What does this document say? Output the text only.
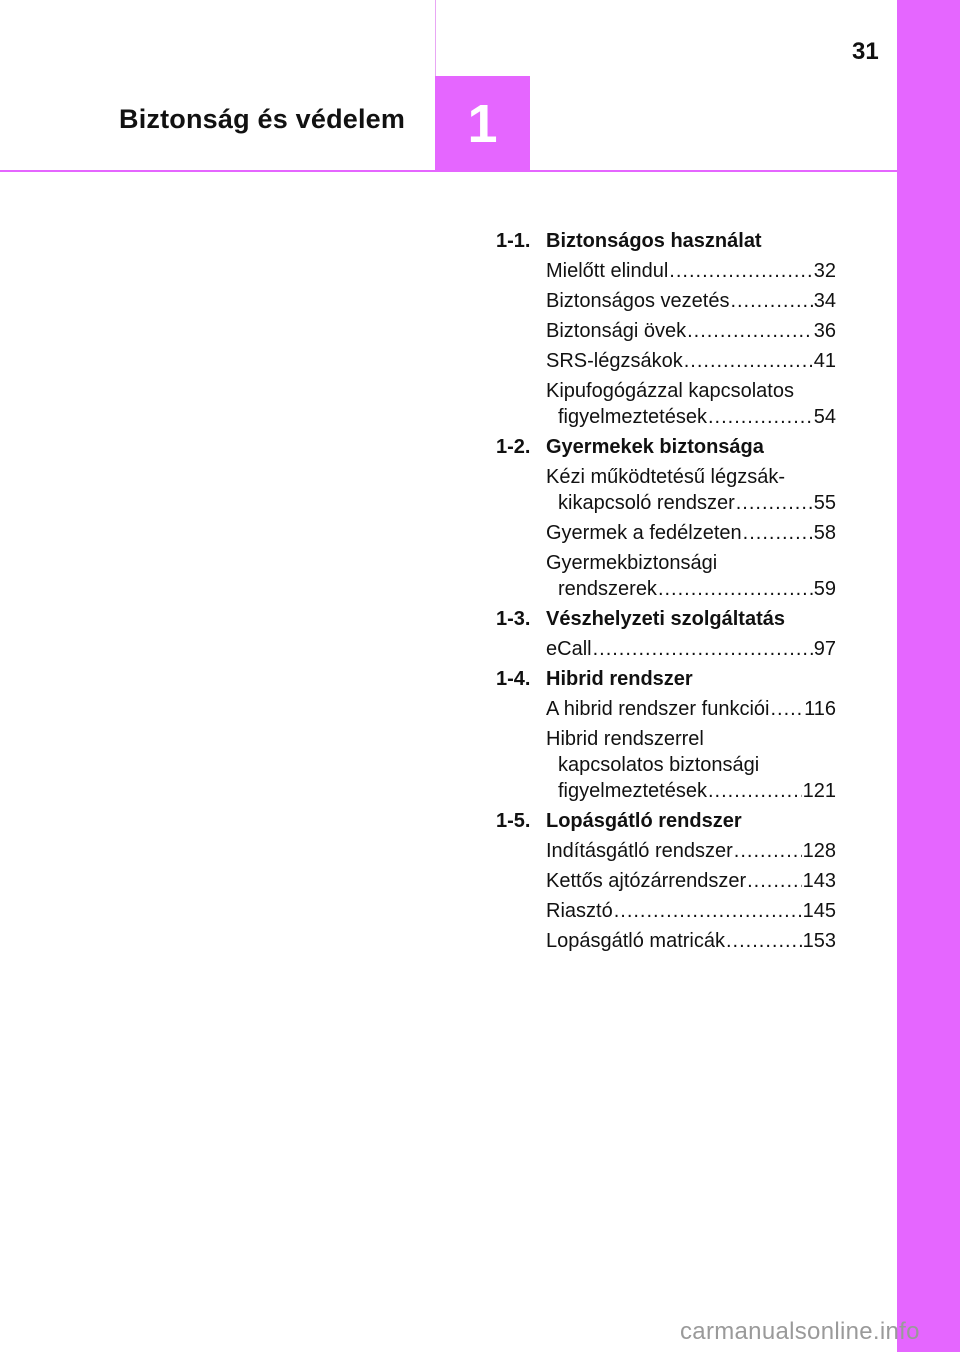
1
Biztonság és védelem
31
1-1. Biztonságos használat
Mielőtt elindul .....	32
Biztonságos vezetés .....	34
Biztonsági övek .....	36
SRS-légzsákok .....	41
Kipufogógázzal kapcsolatos
figyelmeztetések .....	54
1-2. Gyermekek biztonsága
Kézi működtetésű légzsák-
kikapcsoló rendszer .....	55
Gyermek a fedélzeten .....	58
Gyermekbiztonsági
rendszerek .....	59
1-3. Vészhelyzeti szolgáltatás
eCall .....	97
1-4. Hibrid rendszer
A hibrid rendszer funkciói ..... 116
Hibrid rendszerrel
kapcsolatos biztonsági
figyelmeztetések .....	121
1-5. Lopásgátló rendszer
Indításgátló rendszer .....	128
Kettős ajtózárrendszer .....	143
Riasztó .....	145
Lopásgátló matricák .....	153
carmanualsonline.info
